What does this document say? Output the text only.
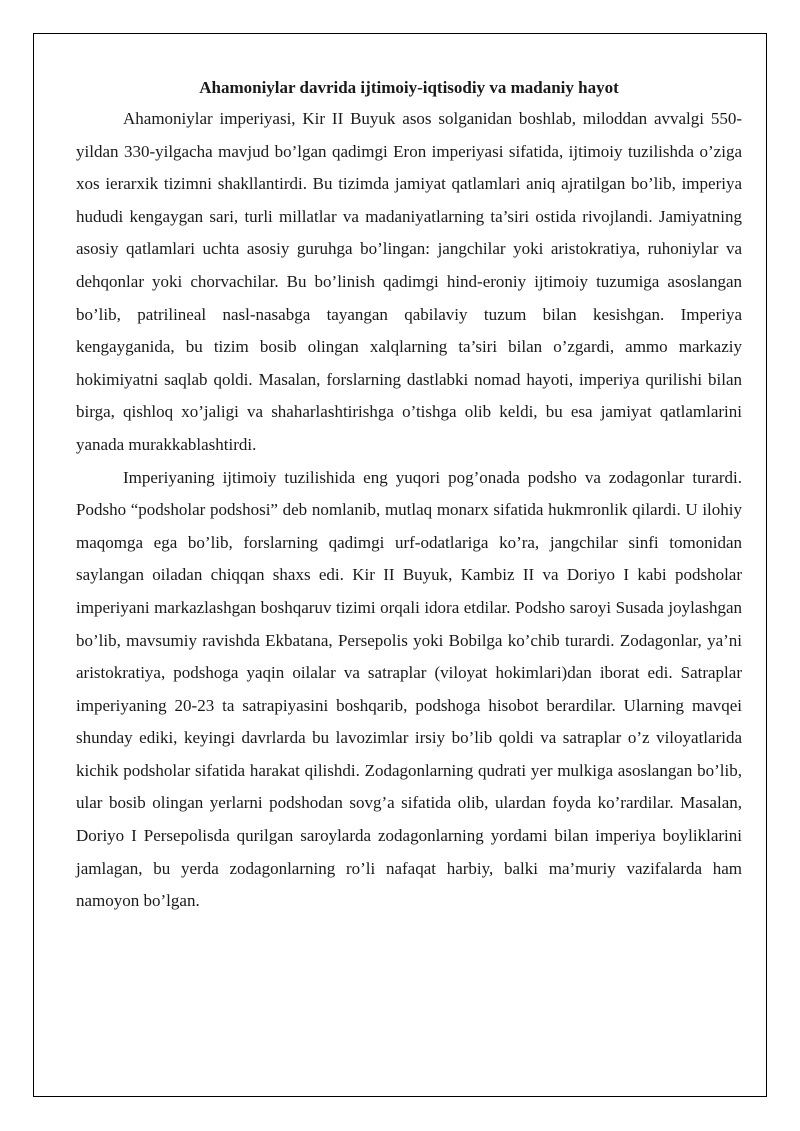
Ahamoniylar davrida ijtimoiy-iqtisodiy va madaniy hayot

Ahamoniylar imperiyasi, Kir II Buyuk asos solganidan boshlab, miloddan avvalgi 550-yildan 330-yilgacha mavjud bo’lgan qadimgi Eron imperiyasi sifatida, ijtimoiy tuzilishda o’ziga xos ierarxik tizimni shakllantirdi. Bu tizimda jamiyat qatlamlari aniq ajratilgan bo’lib, imperiya hududi kengaygan sari, turli millatlar va madaniyatlarning ta’siri ostida rivojlandi. Jamiyatning asosiy qatlamlari uchta asosiy guruhga bo’lingan: jangchilar yoki aristokratiya, ruhoniylar va dehqonlar yoki chorvachilar. Bu bo’linish qadimgi hind-eroniy ijtimoiy tuzumiga asoslangan bo’lib, patrilineal nasl-nasabga tayangan qabilaviy tuzum bilan kesishgan. Imperiya kengayganida, bu tizim bosib olingan xalqlarning ta’siri bilan o’zgardi, ammo markaziy hokimiyatni saqlab qoldi. Masalan, forslarning dastlabki nomad hayoti, imperiya qurilishi bilan birga, qishloq xo’jaligi va shaharlashtirishga o’tishga olib keldi, bu esa jamiyat qatlamlarini yanada murakkablashtirdi.

Imperiyaning ijtimoiy tuzilishida eng yuqori pog’onada podsho va zodagonlar turardi. Podsho “podsholar podshosi” deb nomlanib, mutlaq monarx sifatida hukmronlik qilardi. U ilohiy maqomga ega bo’lib, forslarning qadimgi urf-odatlariga ko’ra, jangchilar sinfi tomonidan saylangan oiladan chiqqan shaxs edi. Kir II Buyuk, Kambiz II va Doriyo I kabi podsholar imperiyani markazlashgan boshqaruv tizimi orqali idora etdilar. Podsho saroyi Susada joylashgan bo’lib, mavsumiy ravishda Ekbatana, Persepolis yoki Bobilga ko’chib turardi. Zodagonlar, ya’ni aristokratiya, podshoga yaqin oilalar va satraplar (viloyat hokimlari)dan iborat edi. Satraplar imperiyaning 20-23 ta satrapiyasini boshqarib, podshoga hisobot berardilar. Ularning mavqei shunday ediki, keyingi davrlarda bu lavozimlar irsiy bo’lib qoldi va satraplar o’z viloyatlarida kichik podsholar sifatida harakat qilishdi. Zodagonlarning qudrati yer mulkiga asoslangan bo’lib, ular bosib olingan yerlarni podshodan sovg’a sifatida olib, ulardan foyda ko’rardilar. Masalan, Doriyo I Persepolisda qurilgan saroylarda zodagonlarning yordami bilan imperiya boyliklarini jamlagan, bu yerda zodagonlarning ro’li nafaqat harbiy, balki ma’muriy vazifalarda ham namoyon bo’lgan.
